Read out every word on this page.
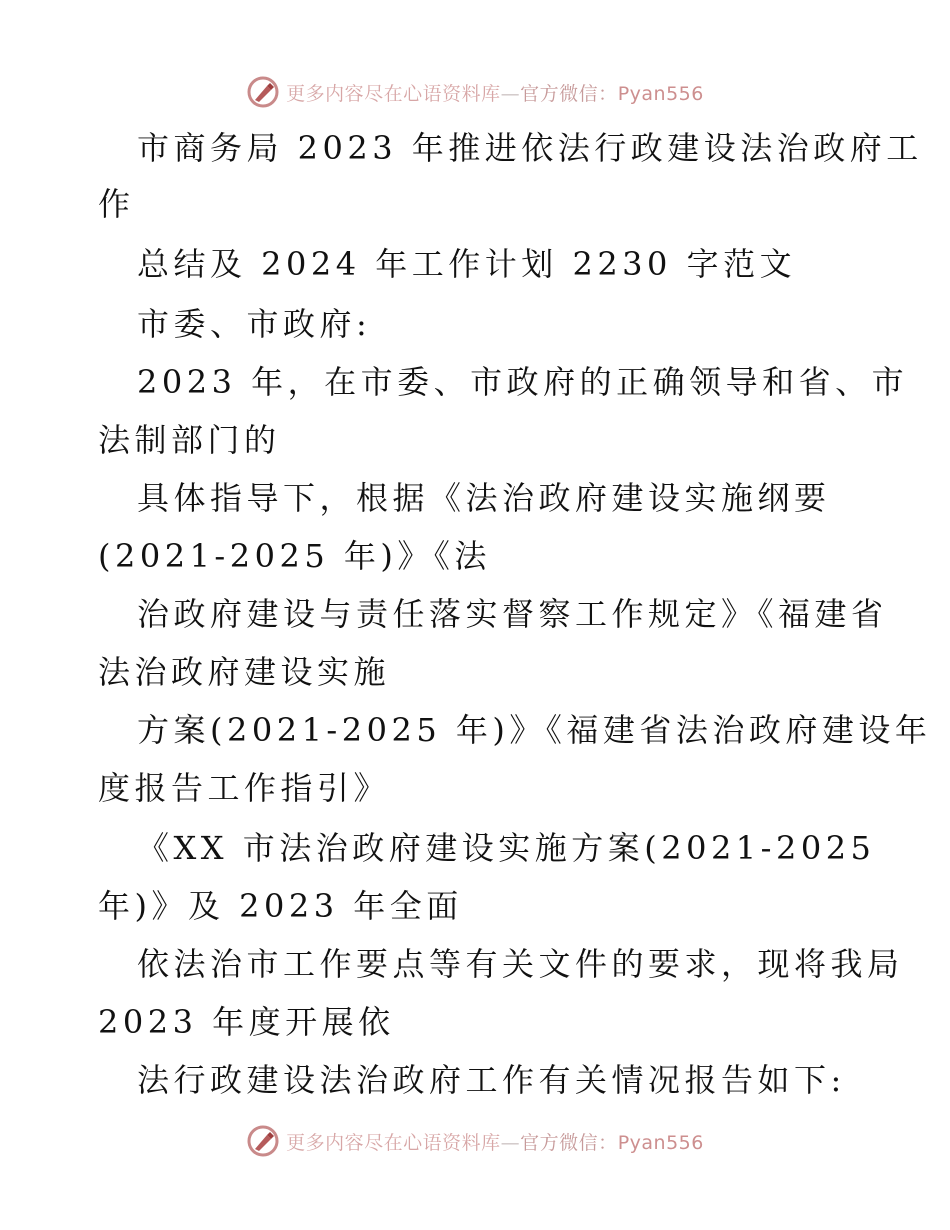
更多内容尽在心语资料库—官方微信：Pyan556
市商务局 2023 年推进依法行政建设法治政府工
作
总结及 2024 年工作计划 2230 字范文
市委、市政府:
2023 年，在市委、市政府的正确领导和省、市
法制部门的
具体指导下，根据《法治政府建设实施纲要
(2021-2025 年)》《法
治政府建设与责任落实督察工作规定》《福建省
法治政府建设实施
方案(2021-2025 年)》《福建省法治政府建设年
度报告工作指引》
《XX 市法治政府建设实施方案(2021-2025
年)》及 2023 年全面
依法治市工作要点等有关文件的要求，现将我局
2023 年度开展依
法行政建设法治政府工作有关情况报告如下:
更多内容尽在心语资料库—官方微信：Pyan556
